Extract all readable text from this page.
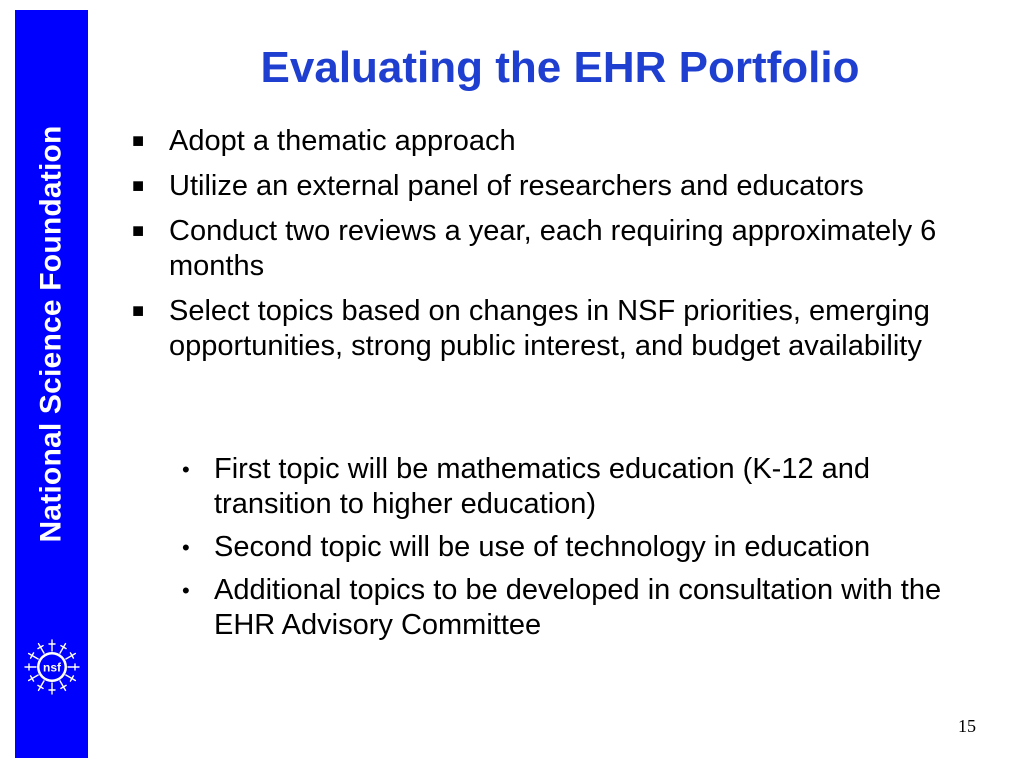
National Science Foundation
nsf
Evaluating the EHR Portfolio
■ Adopt a thematic approach
■ Utilize an external panel of researchers and educators
■ Conduct two reviews a year, each requiring approximately 6 months
■ Select topics based on changes in NSF priorities, emerging opportunities, strong public interest, and budget availability
• First topic will be mathematics education (K-12 and transition to higher education)
• Second topic will be use of technology in education
• Additional topics to be developed in consultation with the EHR Advisory Committee
15
